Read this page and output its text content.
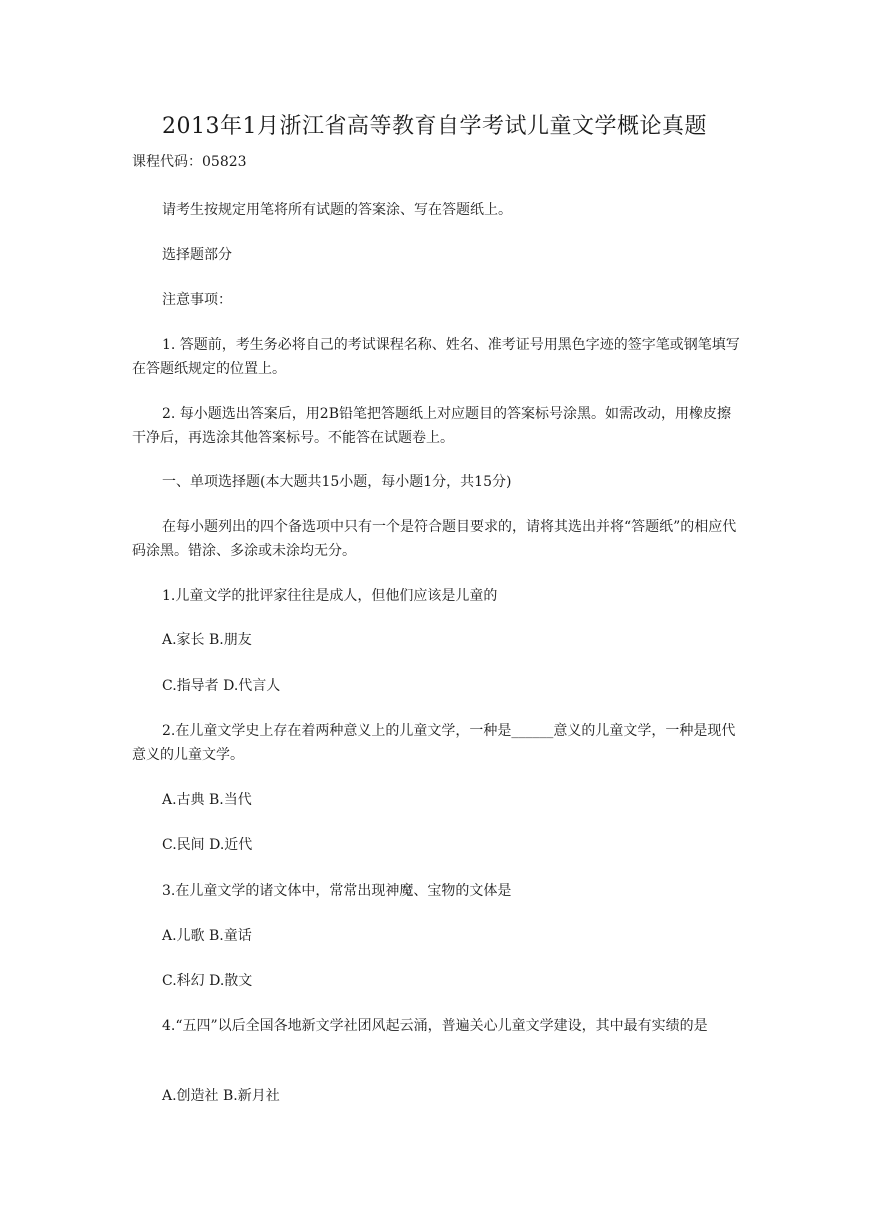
2013年1月浙江省高等教育自学考试儿童文学概论真题
课程代码：05823

请考生按规定用笔将所有试题的答案涂、写在答题纸上。

选择题部分

注意事项：

1. 答题前，考生务必将自己的考试课程名称、姓名、准考证号用黑色字迹的签字笔或钢笔填写在答题纸规定的位置上。

2. 每小题选出答案后，用2B铅笔把答题纸上对应题目的答案标号涂黑。如需改动，用橡皮擦干净后，再选涂其他答案标号。不能答在试题卷上。

一、单项选择题(本大题共15小题，每小题1分，共15分)

在每小题列出的四个备选项中只有一个是符合题目要求的，请将其选出并将“答题纸”的相应代码涂黑。错涂、多涂或未涂均无分。

1.儿童文学的批评家往往是成人，但他们应该是儿童的

A.家长 B.朋友

C.指导者 D.代言人

2.在儿童文学史上存在着两种意义上的儿童文学，一种是______意义的儿童文学，一种是现代意义的儿童文学。

A.古典 B.当代

C.民间 D.近代

3.在儿童文学的诸文体中，常常出现神魔、宝物的文体是

A.儿歌 B.童话

C.科幻 D.散文

4.“五四”以后全国各地新文学社团风起云涌，普遍关心儿童文学建设，其中最有实绩的是

A.创造社 B.新月社
